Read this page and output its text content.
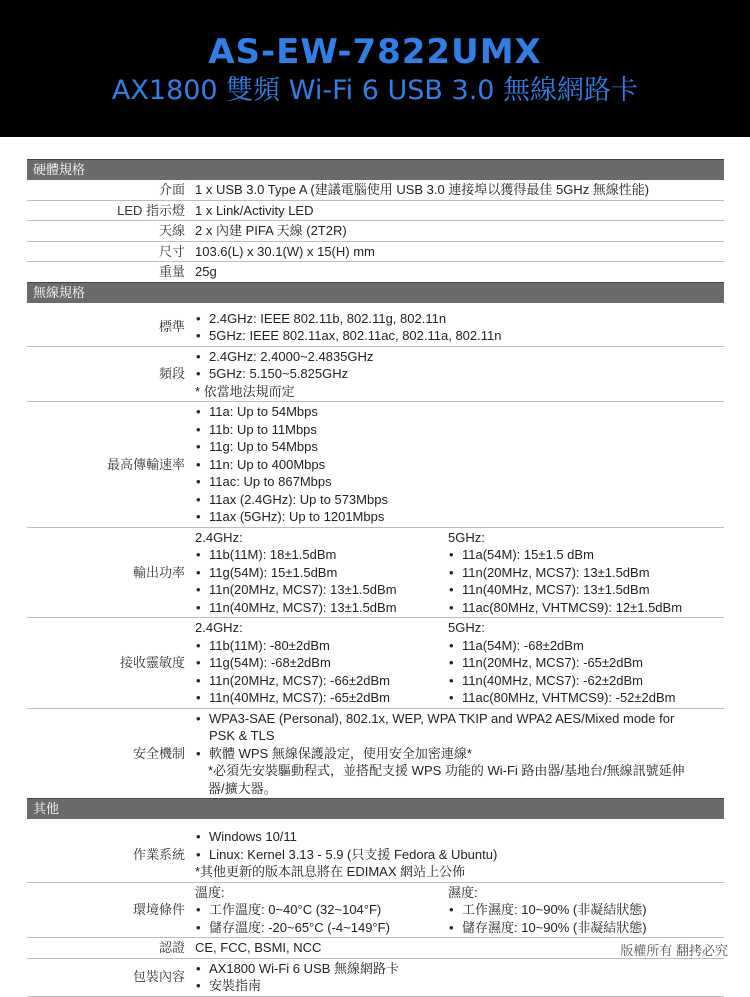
AS-EW-7822UMX
AX1800 雙頻 Wi-Fi 6 USB 3.0 無線網路卡
硬體規格
介面 1 x USB 3.0 Type A (建議電腦使用 USB 3.0 連接埠以獲得最佳 5GHz 無線性能)
LED 指示燈 1 x Link/Activity LED
天線 2 x 內建 PIFA 天線 (2T2R)
尺寸 103.6(L) x 30.1(W) x 15(H) mm
重量 25g
無線規格
標準
• 2.4GHz: IEEE 802.11b, 802.11g, 802.11n
• 5GHz: IEEE 802.11ax, 802.11ac, 802.11a, 802.11n
頻段
• 2.4GHz: 2.4000~2.4835GHz
• 5GHz: 5.150~5.825GHz
* 依當地法規而定
最高傳輸速率
• 11a: Up to 54Mbps
• 11b: Up to 11Mbps
• 11g: Up to 54Mbps
• 11n: Up to 400Mbps
• 11ac: Up to 867Mbps
• 11ax (2.4GHz): Up to 573Mbps
• 11ax (5GHz): Up to 1201Mbps
輸出功率
2.4GHz:
• 11b(11M): 18±1.5dBm
• 11g(54M): 15±1.5dBm
• 11n(20MHz, MCS7): 13±1.5dBm
• 11n(40MHz, MCS7): 13±1.5dBm
5GHz:
• 11a(54M): 15±1.5 dBm
• 11n(20MHz, MCS7): 13±1.5dBm
• 11n(40MHz, MCS7): 13±1.5dBm
• 11ac(80MHz, VHTMCS9): 12±1.5dBm
接收靈敏度
2.4GHz:
• 11b(11M): -80±2dBm
• 11g(54M): -68±2dBm
• 11n(20MHz, MCS7): -66±2dBm
• 11n(40MHz, MCS7): -65±2dBm
5GHz:
• 11a(54M): -68±2dBm
• 11n(20MHz, MCS7): -65±2dBm
• 11n(40MHz, MCS7): -62±2dBm
• 11ac(80MHz, VHTMCS9): -52±2dBm
安全機制
• WPA3-SAE (Personal), 802.1x, WEP, WPA TKIP and WPA2 AES/Mixed mode for
PSK & TLS
• 軟體 WPS 無線保護設定，使用安全加密連線*
*必須先安裝驅動程式，並搭配支援 WPS 功能的 Wi-Fi 路由器/基地台/無線訊號延伸
器/擴大器。
其他
作業系統
• Windows 10/11
• Linux: Kernel 3.13 - 5.9 (只支援 Fedora & Ubuntu)
*其他更新的版本訊息將在 EDIMAX 網站上公佈
環境條件
溫度:
• 工作溫度: 0~40°C (32~104°F)
• 儲存溫度: -20~65°C (-4~149°F)
濕度:
• 工作濕度: 10~90% (非凝結狀態)
• 儲存濕度: 10~90% (非凝結狀態)
認證 CE, FCC, BSMI, NCC
包裝內容
• AX1800 Wi-Fi 6 USB 無線網路卡
• 安裝指南
版權所有 翻拷必究
